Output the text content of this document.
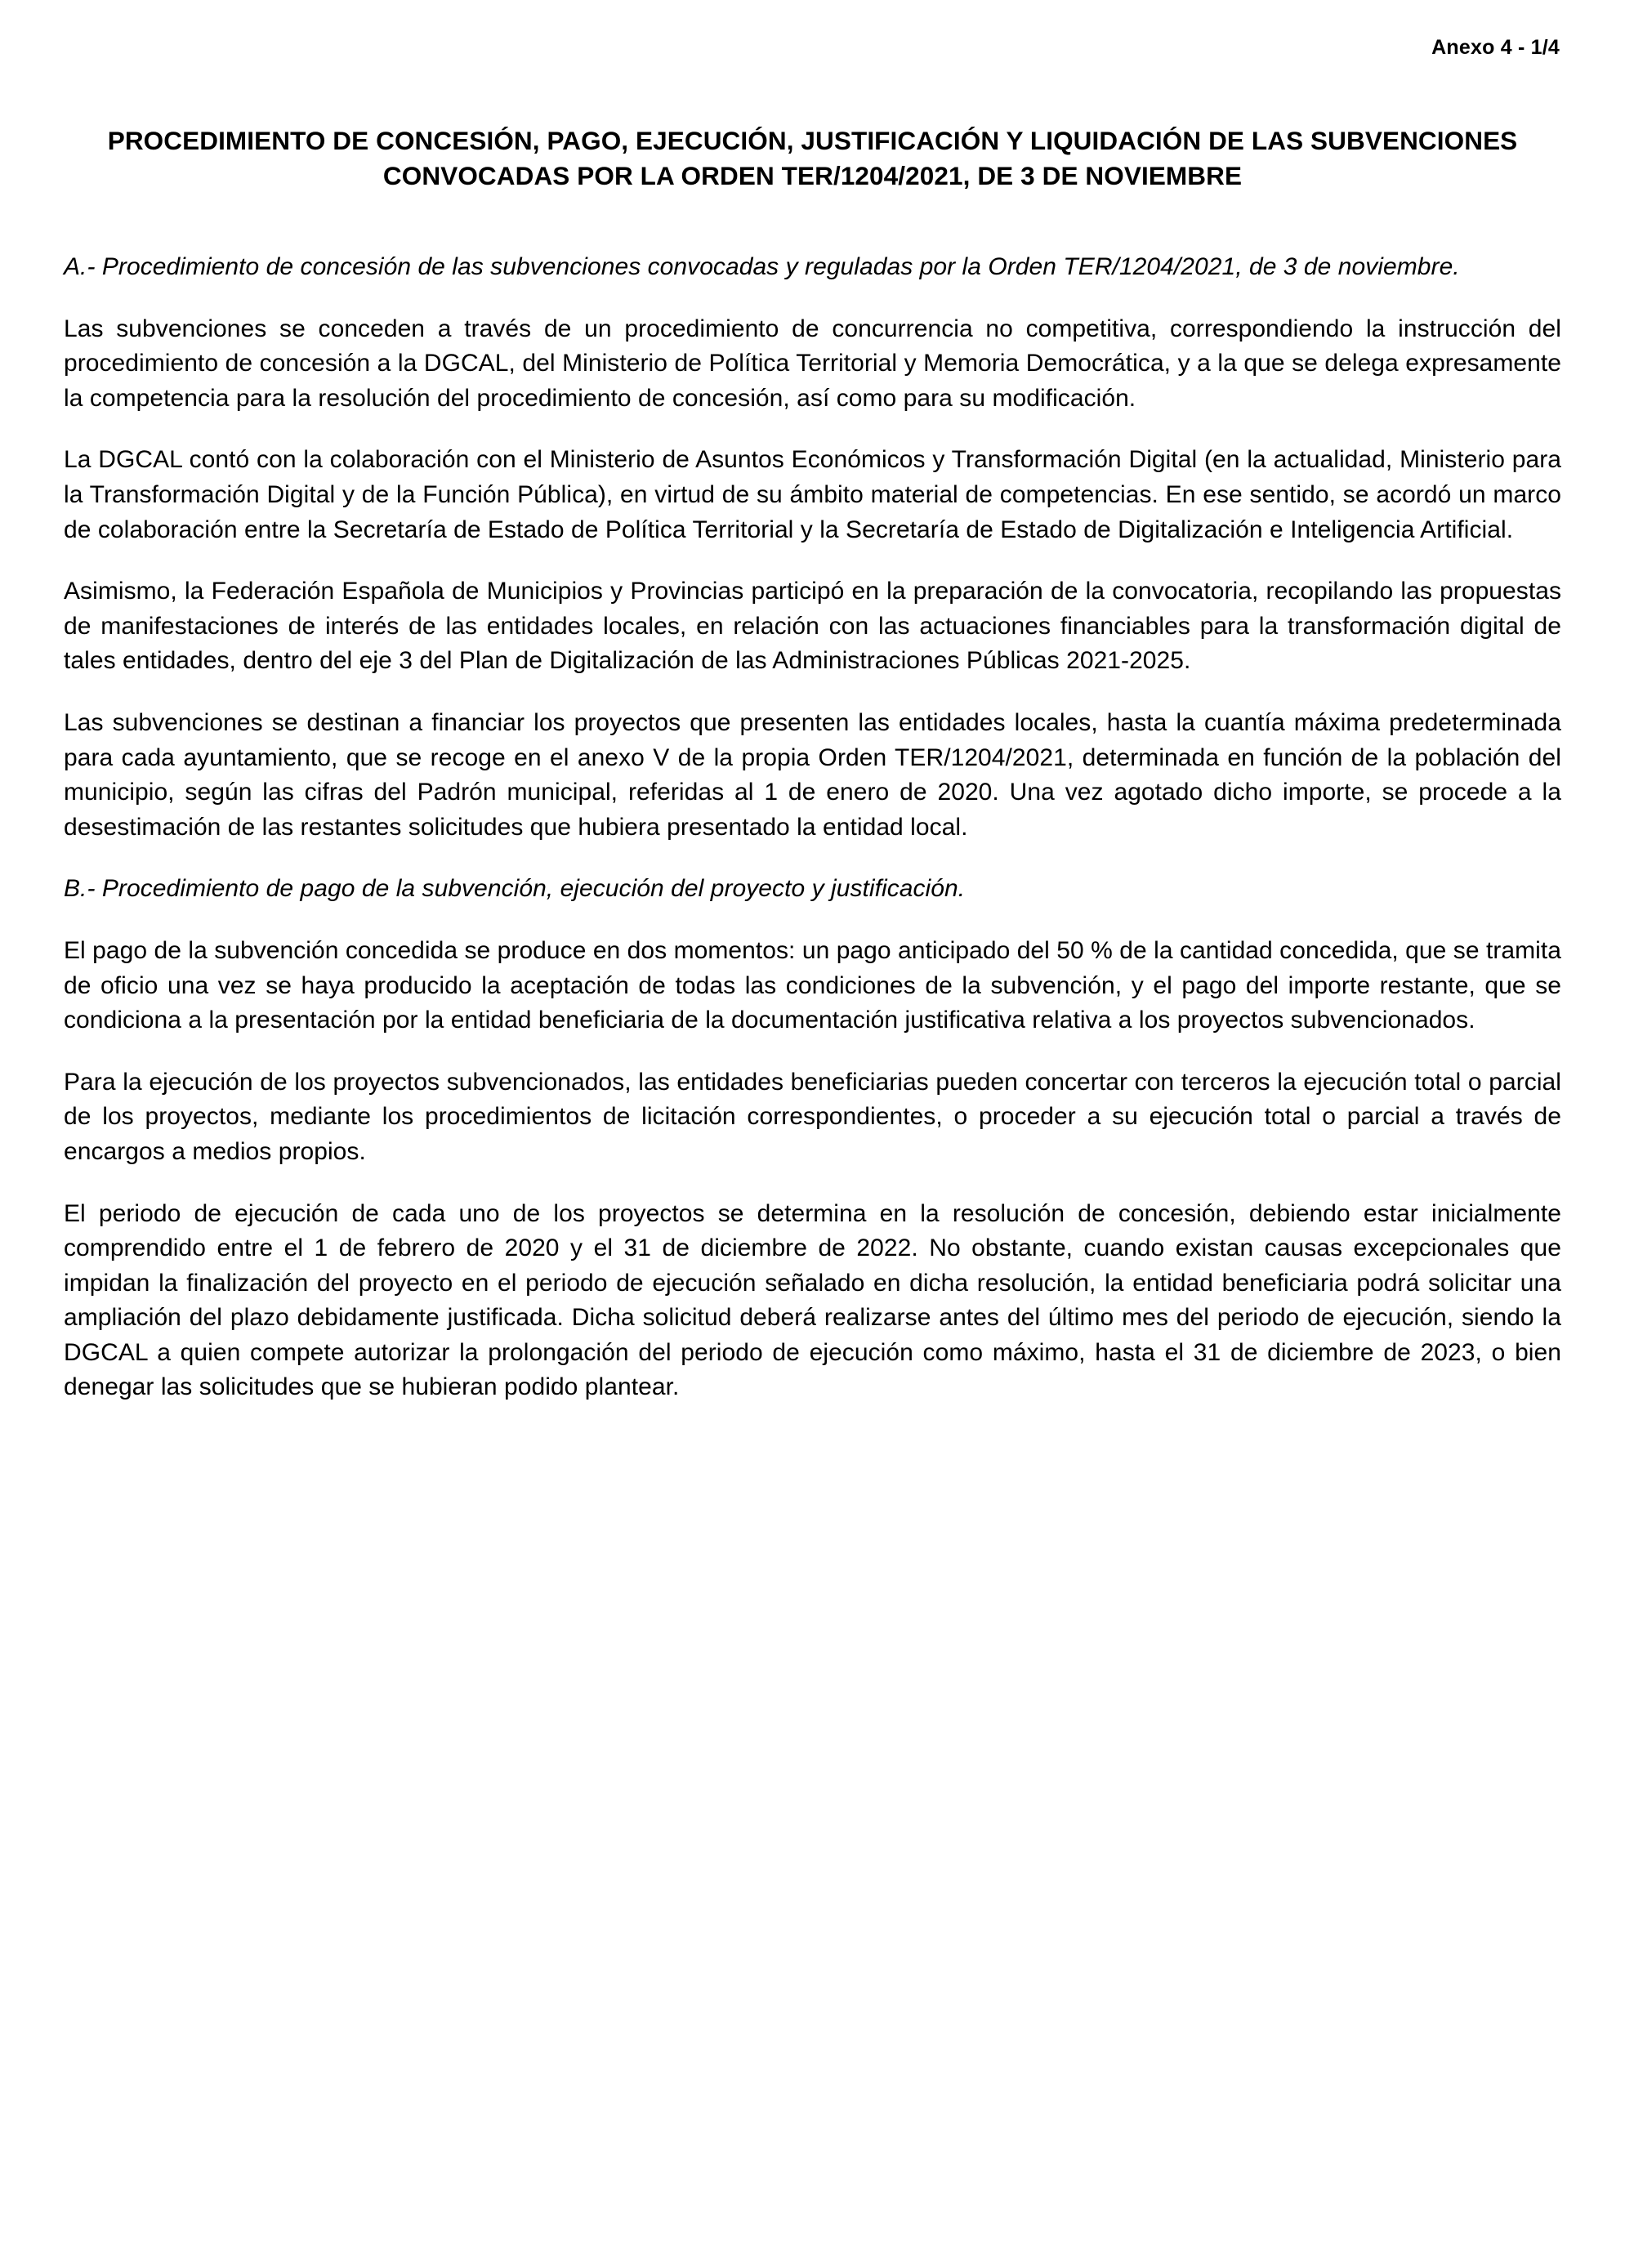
Anexo 4 - 1/4
PROCEDIMIENTO DE CONCESIÓN, PAGO, EJECUCIÓN, JUSTIFICACIÓN Y LIQUIDACIÓN DE LAS SUBVENCIONES CONVOCADAS POR LA ORDEN TER/1204/2021, DE 3 DE NOVIEMBRE

A.- Procedimiento de concesión de las subvenciones convocadas y reguladas por la Orden TER/1204/2021, de 3 de noviembre.

Las subvenciones se conceden a través de un procedimiento de concurrencia no competitiva, correspondiendo la instrucción del procedimiento de concesión a la DGCAL, del Ministerio de Política Territorial y Memoria Democrática, y a la que se delega expresamente la competencia para la resolución del procedimiento de concesión, así como para su modificación.

La DGCAL contó con la colaboración con el Ministerio de Asuntos Económicos y Transformación Digital (en la actualidad, Ministerio para la Transformación Digital y de la Función Pública), en virtud de su ámbito material de competencias. En ese sentido, se acordó un marco de colaboración entre la Secretaría de Estado de Política Territorial y la Secretaría de Estado de Digitalización e Inteligencia Artificial.

Asimismo, la Federación Española de Municipios y Provincias participó en la preparación de la convocatoria, recopilando las propuestas de manifestaciones de interés de las entidades locales, en relación con las actuaciones financiables para la transformación digital de tales entidades, dentro del eje 3 del Plan de Digitalización de las Administraciones Públicas 2021-2025.

Las subvenciones se destinan a financiar los proyectos que presenten las entidades locales, hasta la cuantía máxima predeterminada para cada ayuntamiento, que se recoge en el anexo V de la propia Orden TER/1204/2021, determinada en función de la población del municipio, según las cifras del Padrón municipal, referidas al 1 de enero de 2020. Una vez agotado dicho importe, se procede a la desestimación de las restantes solicitudes que hubiera presentado la entidad local.

B.- Procedimiento de pago de la subvención, ejecución del proyecto y justificación.

El pago de la subvención concedida se produce en dos momentos: un pago anticipado del 50 % de la cantidad concedida, que se tramita de oficio una vez se haya producido la aceptación de todas las condiciones de la subvención, y el pago del importe restante, que se condiciona a la presentación por la entidad beneficiaria de la documentación justificativa relativa a los proyectos subvencionados.

Para la ejecución de los proyectos subvencionados, las entidades beneficiarias pueden concertar con terceros la ejecución total o parcial de los proyectos, mediante los procedimientos de licitación correspondientes, o proceder a su ejecución total o parcial a través de encargos a medios propios.

El periodo de ejecución de cada uno de los proyectos se determina en la resolución de concesión, debiendo estar inicialmente comprendido entre el 1 de febrero de 2020 y el 31 de diciembre de 2022. No obstante, cuando existan causas excepcionales que impidan la finalización del proyecto en el periodo de ejecución señalado en dicha resolución, la entidad beneficiaria podrá solicitar una ampliación del plazo debidamente justificada. Dicha solicitud deberá realizarse antes del último mes del periodo de ejecución, siendo la DGCAL a quien compete autorizar la prolongación del periodo de ejecución como máximo, hasta el 31 de diciembre de 2023, o bien denegar las solicitudes que se hubieran podido plantear.
